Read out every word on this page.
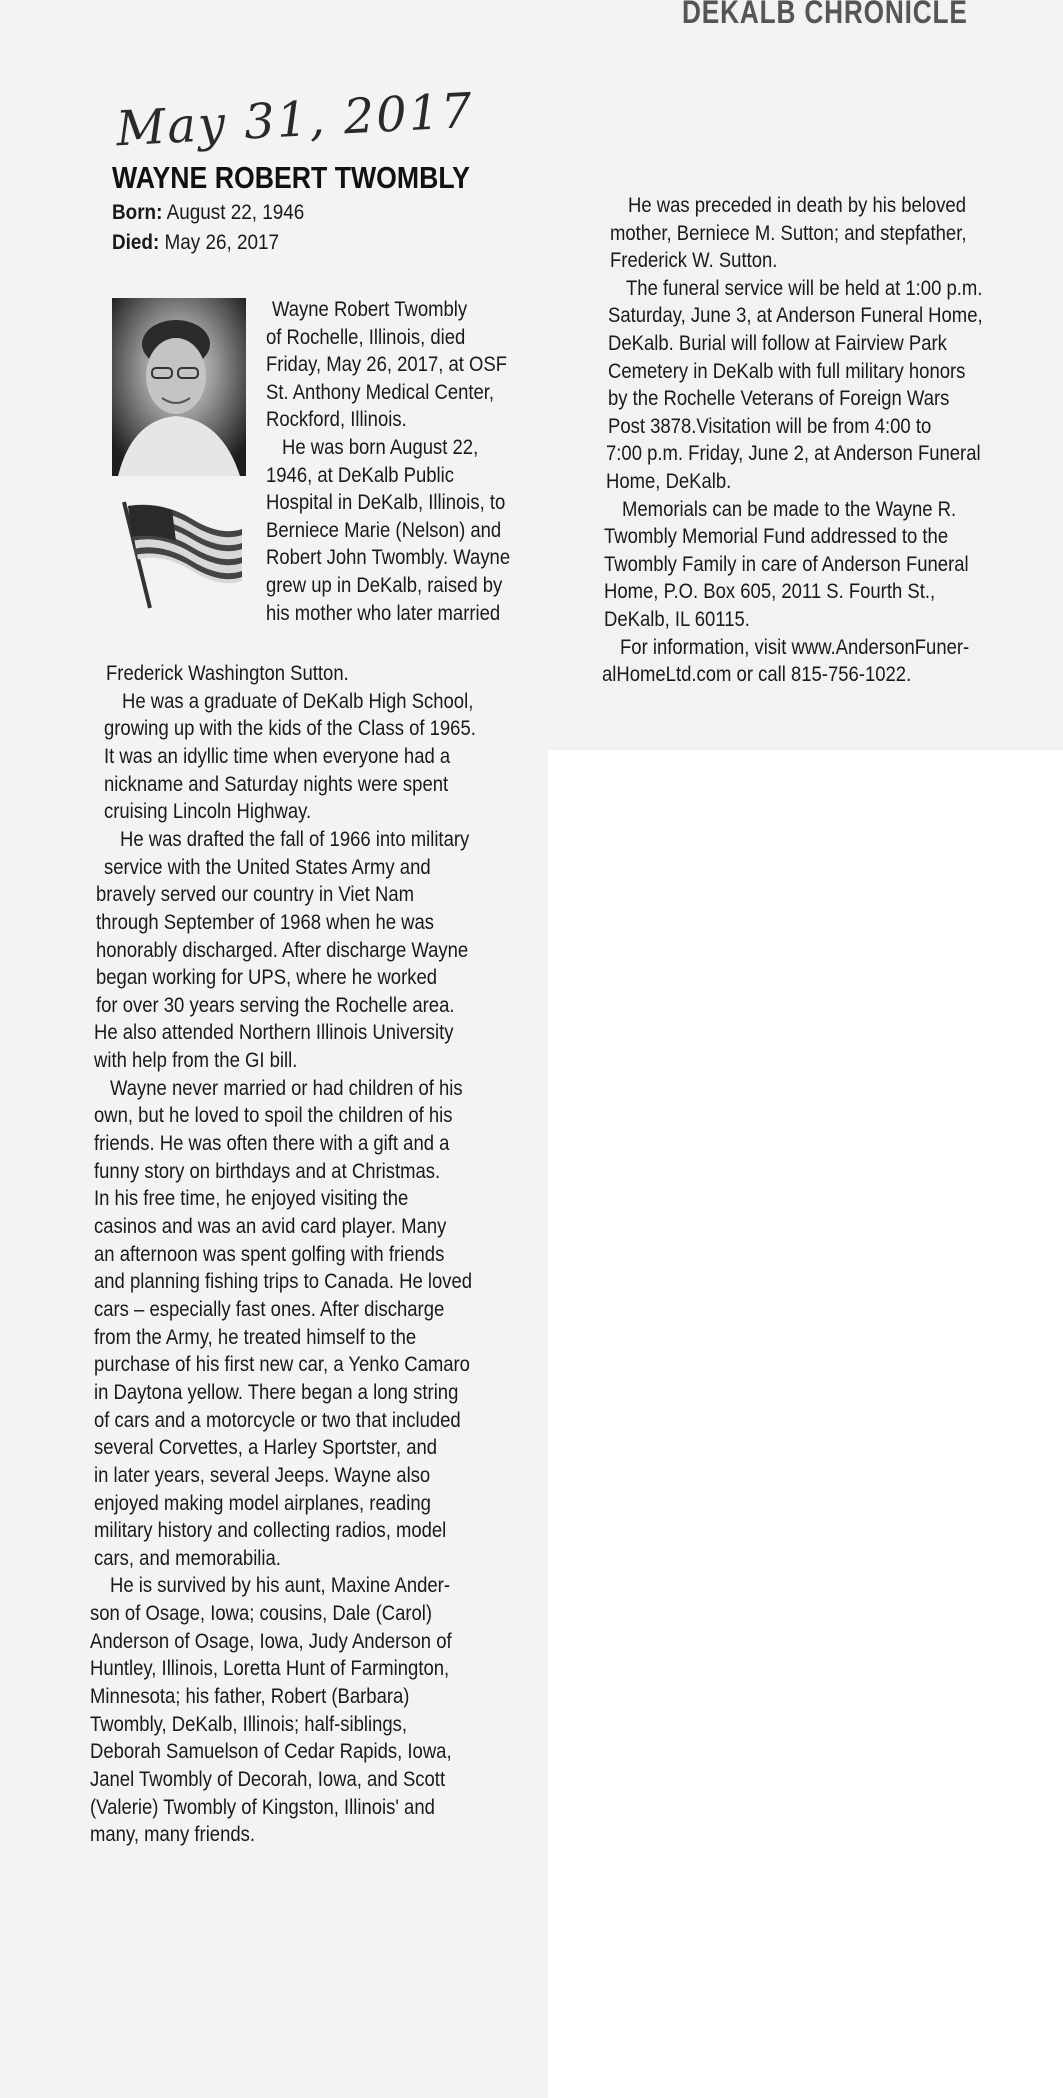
DEKALB CHRONICLE
May 31, 2017
WAYNE ROBERT TWOMBLY
Born: August 22, 1946
Died: May 26, 2017
Wayne Robert Twombly
of Rochelle, Illinois, died
Friday, May 26, 2017, at OSF
St. Anthony Medical Center,
Rockford, Illinois.
He was born August 22,
1946, at DeKalb Public
Hospital in DeKalb, Illinois, to
Berniece Marie (Nelson) and
Robert John Twombly. Wayne
grew up in DeKalb, raised by
his mother who later married
Frederick Washington Sutton.
He was a graduate of DeKalb High School,
growing up with the kids of the Class of 1965.
It was an idyllic time when everyone had a
nickname and Saturday nights were spent
cruising Lincoln Highway.
He was drafted the fall of 1966 into military
service with the United States Army and
bravely served our country in Viet Nam
through September of 1968 when he was
honorably discharged. After discharge Wayne
began working for UPS, where he worked
for over 30 years serving the Rochelle area.
He also attended Northern Illinois University
with help from the GI bill.
Wayne never married or had children of his
own, but he loved to spoil the children of his
friends. He was often there with a gift and a
funny story on birthdays and at Christmas.
In his free time, he enjoyed visiting the
casinos and was an avid card player. Many
an afternoon was spent golfing with friends
and planning fishing trips to Canada. He loved
cars – especially fast ones. After discharge
from the Army, he treated himself to the
purchase of his first new car, a Yenko Camaro
in Daytona yellow. There began a long string
of cars and a motorcycle or two that included
several Corvettes, a Harley Sportster, and
in later years, several Jeeps. Wayne also
enjoyed making model airplanes, reading
military history and collecting radios, model
cars, and memorabilia.
He is survived by his aunt, Maxine Ander-
son of Osage, Iowa; cousins, Dale (Carol)
Anderson of Osage, Iowa, Judy Anderson of
Huntley, Illinois, Loretta Hunt of Farmington,
Minnesota; his father, Robert (Barbara)
Twombly, DeKalb, Illinois; half-siblings,
Deborah Samuelson of Cedar Rapids, Iowa,
Janel Twombly of Decorah, Iowa, and Scott
(Valerie) Twombly of Kingston, Illinois' and
many, many friends.
He was preceded in death by his beloved
mother, Berniece M. Sutton; and stepfather,
Frederick W. Sutton.
The funeral service will be held at 1:00 p.m.
Saturday, June 3, at Anderson Funeral Home,
DeKalb. Burial will follow at Fairview Park
Cemetery in DeKalb with full military honors
by the Rochelle Veterans of Foreign Wars
Post 3878.Visitation will be from 4:00 to
7:00 p.m. Friday, June 2, at Anderson Funeral
Home, DeKalb.
Memorials can be made to the Wayne R.
Twombly Memorial Fund addressed to the
Twombly Family in care of Anderson Funeral
Home, P.O. Box 605, 2011 S. Fourth St.,
DeKalb, IL 60115.
For information, visit www.AndersonFuner-
alHomeLtd.com or call 815-756-1022.
